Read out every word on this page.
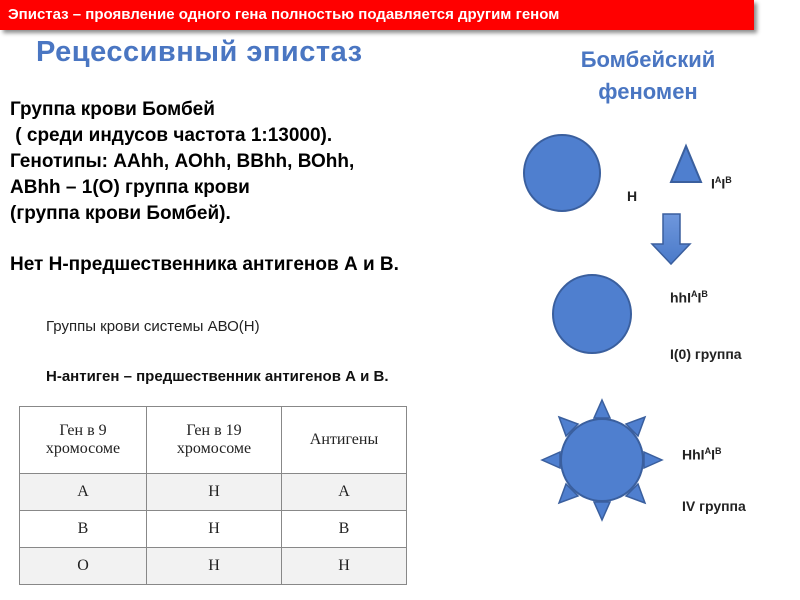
Эпистаз – проявление одного гена полностью подавляется другим геном
Рецессивный эпистаз	Бомбейский
феномен
Группа крови Бомбей
( среди индусов частота 1:13000).
Генотипы: ААhh, АОhh, ВВhh, ВОhh,
АВhh – 1(О) группа крови
(группа крови Бомбей).
Нет Н-предшественника антигенов А и В.
Группы крови системы АВО(Н)
Н-антиген – предшественник антигенов А и В.
Ген в 9 хромосоме	Ген в 19 хромосоме	Антигены
А	Н	А
В	Н	В
О	Н	Н
Н
$I^АI^В$
$hhI^АI^В$
I(0) группа
$HhI^АI^В$
IV группа
